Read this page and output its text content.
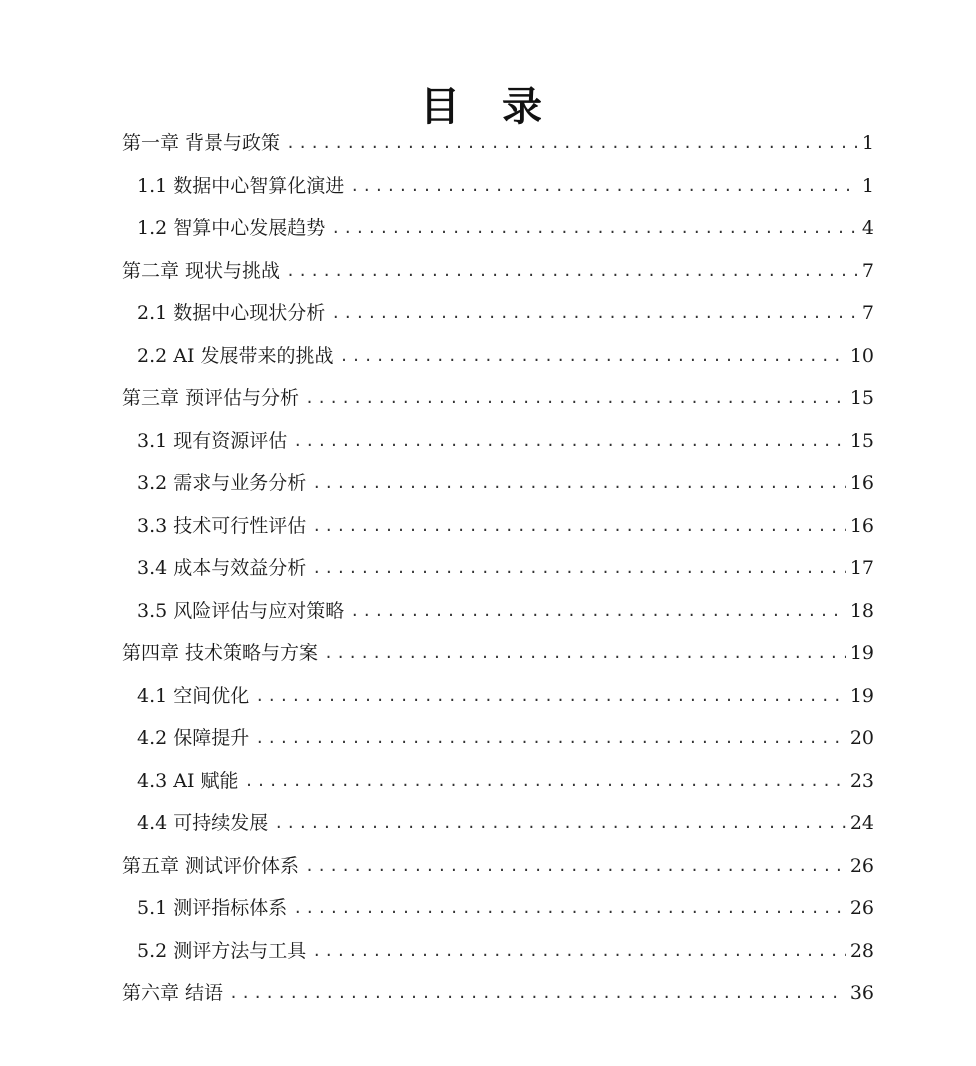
目 录
第一章 背景与政策 .....	1
1.1 数据中心智算化演进 .....	1
1.2 智算中心发展趋势 .....	4
第二章 现状与挑战 .....	7
2.1 数据中心现状分析 .....	7
2.2 AI 发展带来的挑战 .....	10
第三章 预评估与分析 .....	15
3.1 现有资源评估 .....	15
3.2 需求与业务分析 .....	16
3.3 技术可行性评估 .....	16
3.4 成本与效益分析 .....	17
3.5 风险评估与应对策略 .....	18
第四章 技术策略与方案 .....	19
4.1 空间优化 .....	19
4.2 保障提升 .....	20
4.3 AI 赋能 .....	23
4.4 可持续发展 .....	24
第五章 测试评价体系 .....	26
5.1 测评指标体系 .....	26
5.2 测评方法与工具 .....	28
第六章 结语 .....	36
